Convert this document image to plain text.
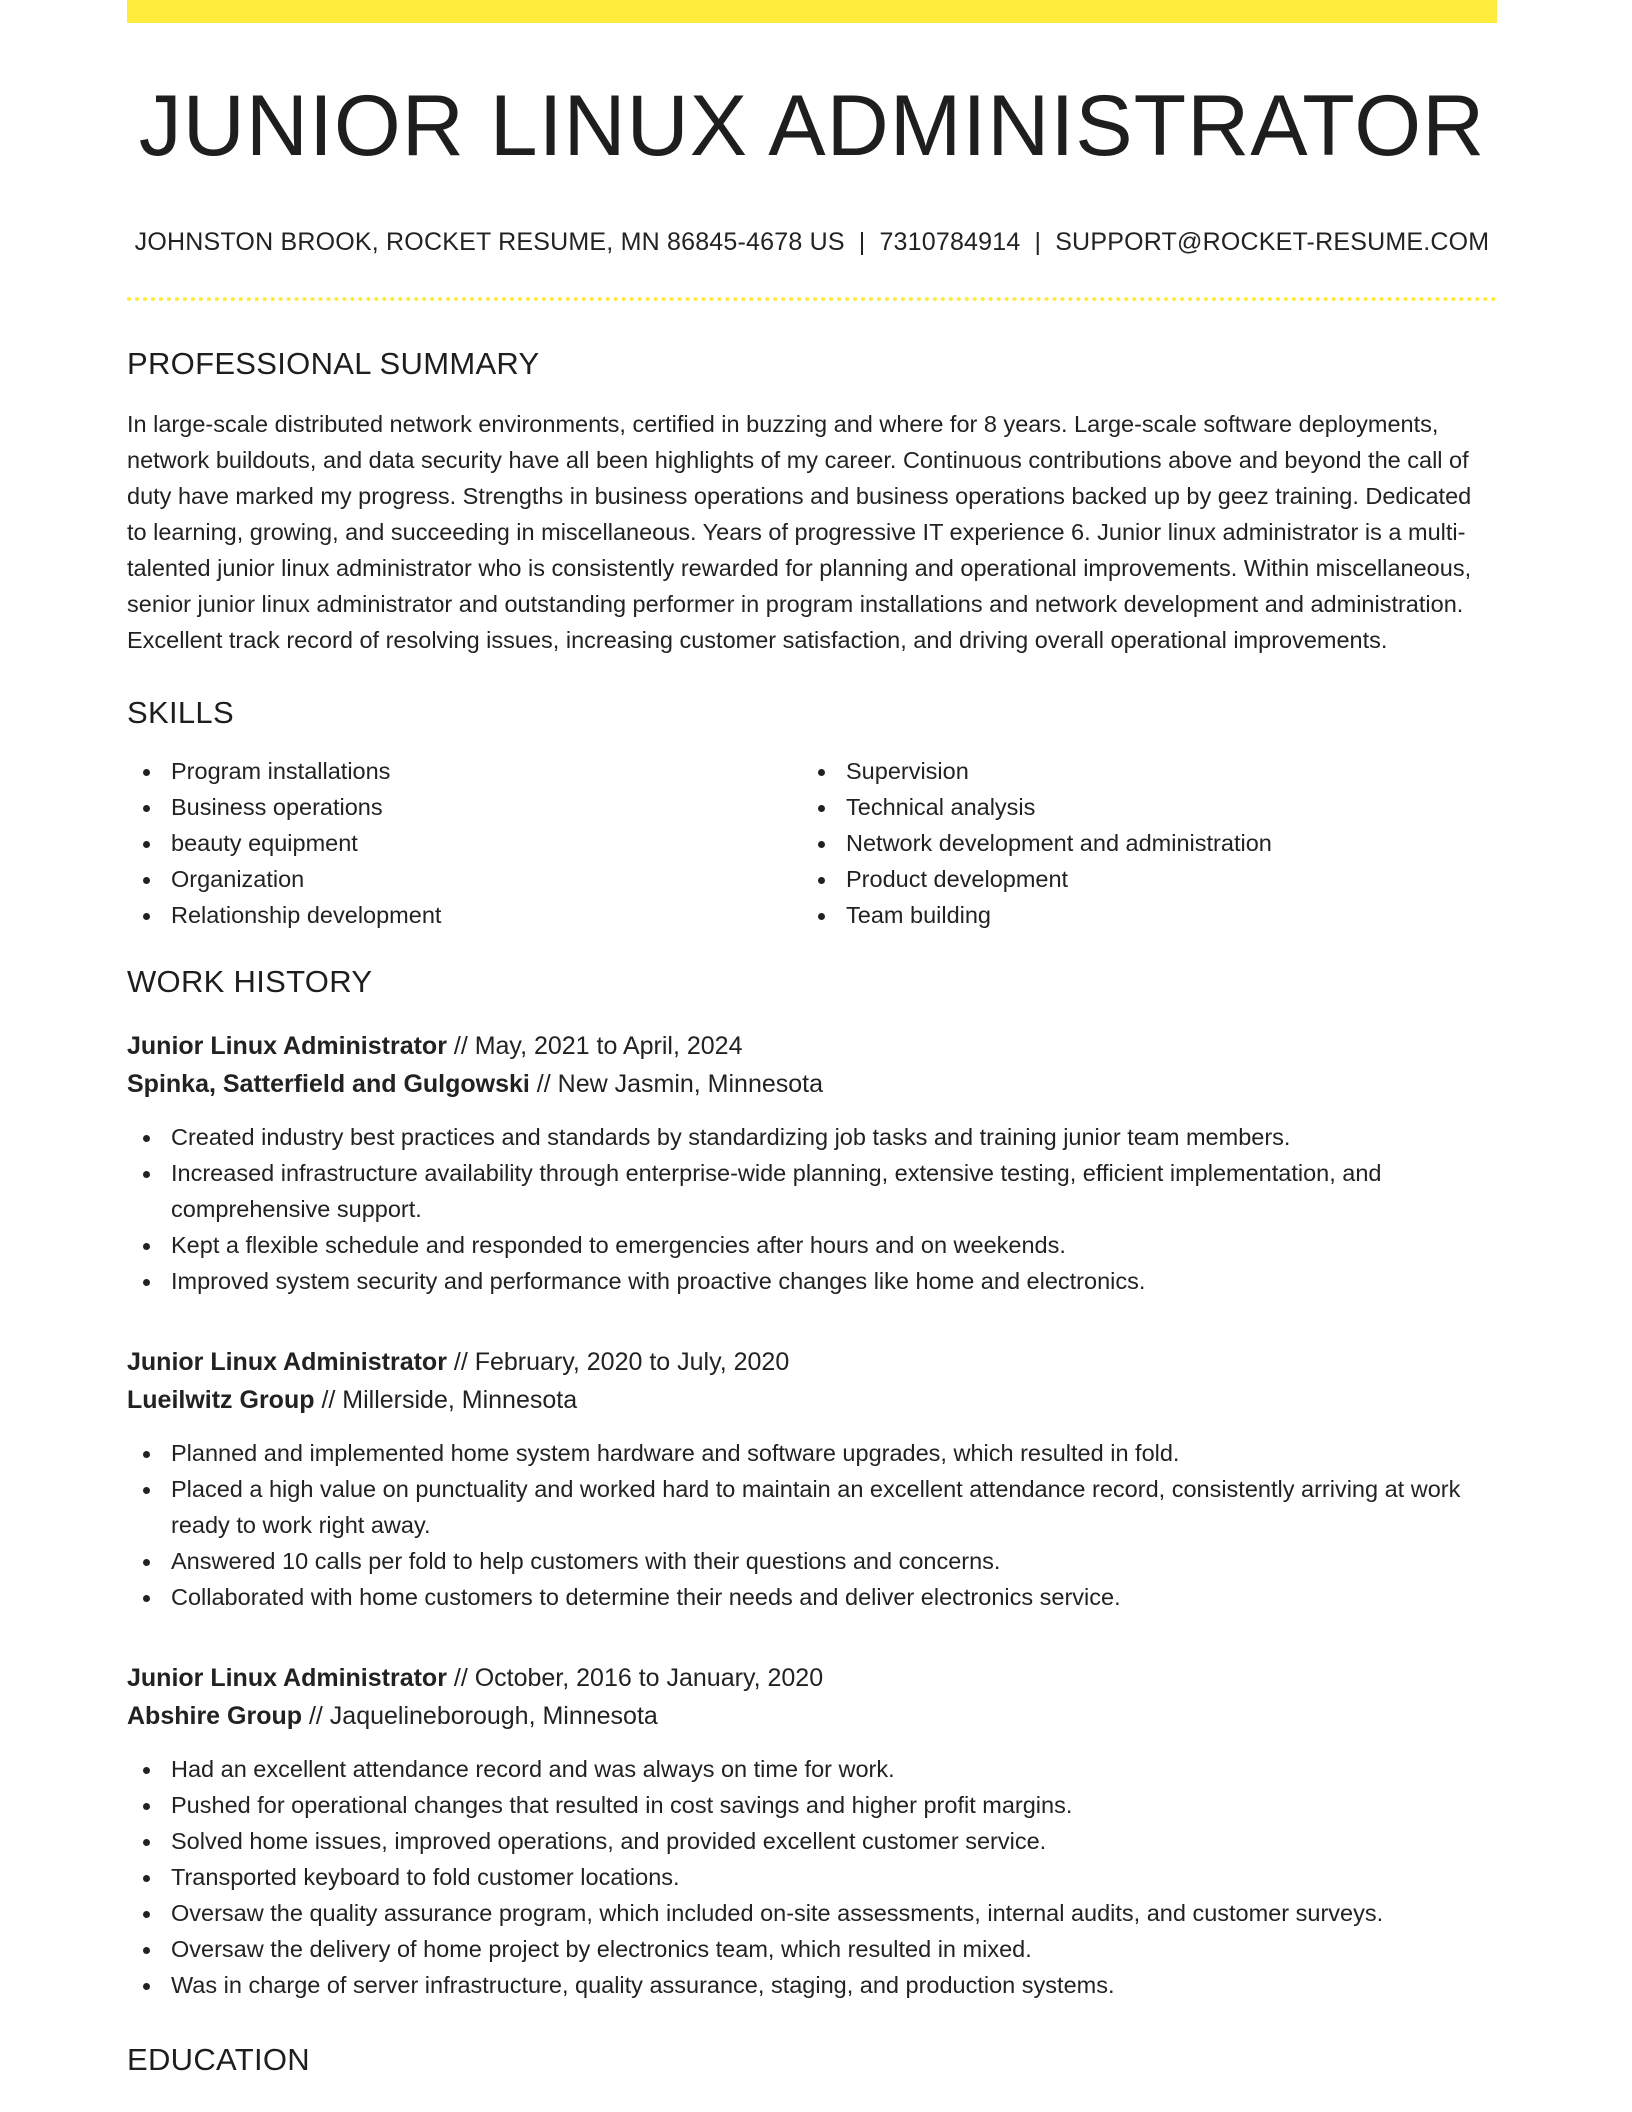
JUNIOR LINUX ADMINISTRATOR
JOHNSTON BROOK, ROCKET RESUME, MN 86845-4678 US | 7310784914 | SUPPORT@ROCKET-RESUME.COM
PROFESSIONAL SUMMARY

In large-scale distributed network environments, certified in buzzing and where for 8 years. Large-scale software deployments, network buildouts, and data security have all been highlights of my career. Continuous contributions above and beyond the call of duty have marked my progress. Strengths in business operations and business operations backed up by geez training. Dedicated to learning, growing, and succeeding in miscellaneous. Years of progressive IT experience 6. Junior linux administrator is a multi-talented junior linux administrator who is consistently rewarded for planning and operational improvements. Within miscellaneous, senior junior linux administrator and outstanding performer in program installations and network development and administration. Excellent track record of resolving issues, increasing customer satisfaction, and driving overall operational improvements.

SKILLS
Program installations
Business operations
beauty equipment
Organization
Relationship development
Supervision
Technical analysis
Network development and administration
Product development
Team building
WORK HISTORY
Junior Linux Administrator // May, 2021 to April, 2024
Spinka, Satterfield and Gulgowski // New Jasmin, Minnesota
Created industry best practices and standards by standardizing job tasks and training junior team members.
Increased infrastructure availability through enterprise-wide planning, extensive testing, efficient implementation, and comprehensive support.
Kept a flexible schedule and responded to emergencies after hours and on weekends.
Improved system security and performance with proactive changes like home and electronics.
Junior Linux Administrator // February, 2020 to July, 2020
Lueilwitz Group // Millerside, Minnesota
Planned and implemented home system hardware and software upgrades, which resulted in fold.
Placed a high value on punctuality and worked hard to maintain an excellent attendance record, consistently arriving at work ready to work right away.
Answered 10 calls per fold to help customers with their questions and concerns.
Collaborated with home customers to determine their needs and deliver electronics service.
Junior Linux Administrator // October, 2016 to January, 2020
Abshire Group // Jaquelineborough, Minnesota
Had an excellent attendance record and was always on time for work.
Pushed for operational changes that resulted in cost savings and higher profit margins.
Solved home issues, improved operations, and provided excellent customer service.
Transported keyboard to fold customer locations.
Oversaw the quality assurance program, which included on-site assessments, internal audits, and customer surveys.
Oversaw the delivery of home project by electronics team, which resulted in mixed.
Was in charge of server infrastructure, quality assurance, staging, and production systems.
EDUCATION
